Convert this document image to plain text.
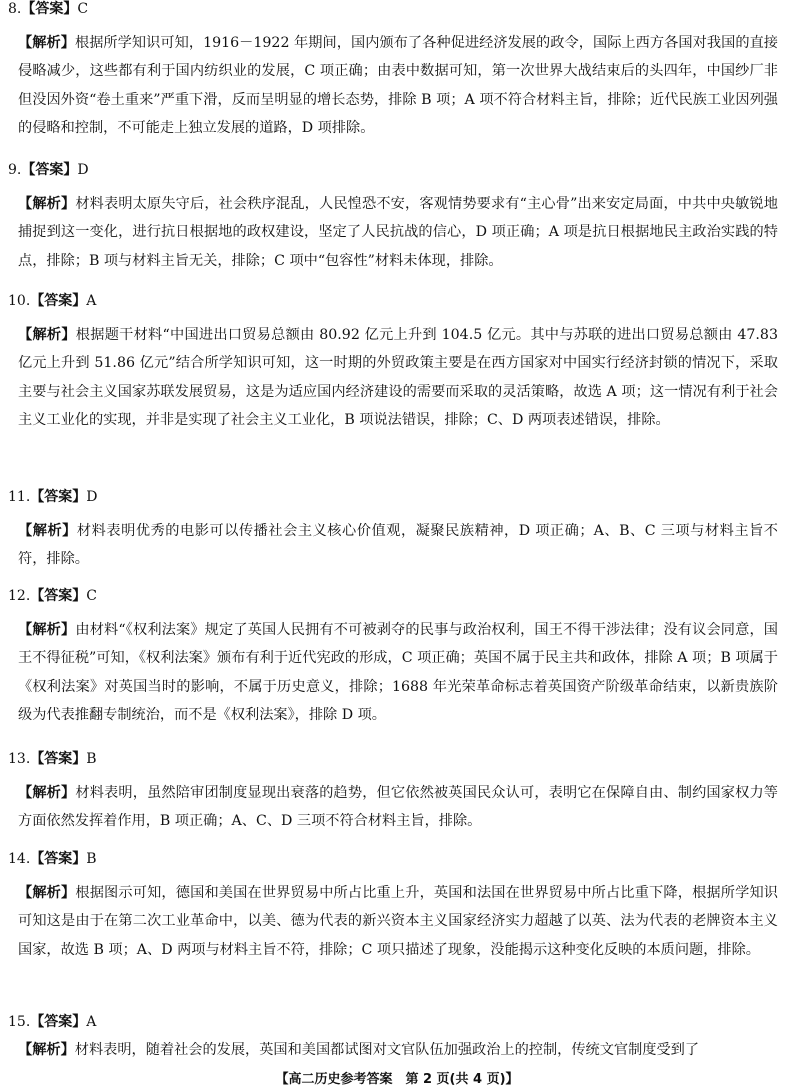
8.【答案】C
【解析】根据所学知识可知，1916－1922 年期间，国内颁布了各种促进经济发展的政令，国际上西方各国对我国的直接侵略减少，这些都有利于国内纺织业的发展，C 项正确；由表中数据可知，第一次世界大战结束后的头四年，中国纱厂非但没因外资“卷土重来”严重下滑，反而呈明显的增长态势，排除 B 项；A 项不符合材料主旨，排除；近代民族工业因列强的侵略和控制，不可能走上独立发展的道路，D 项排除。
9.【答案】D
【解析】材料表明太原失守后，社会秩序混乱，人民惶恐不安，客观情势要求有“主心骨”出来安定局面，中共中央敏锐地捕捉到这一变化，进行抗日根据地的政权建设，坚定了人民抗战的信心，D 项正确；A 项是抗日根据地民主政治实践的特点，排除；B 项与材料主旨无关，排除；C 项中“包容性”材料未体现，排除。
10.【答案】A
【解析】根据题干材料“中国进出口贸易总额由 80.92 亿元上升到 104.5 亿元。其中与苏联的进出口贸易总额由 47.83 亿元上升到 51.86 亿元”结合所学知识可知，这一时期的外贸政策主要是在西方国家对中国实行经济封锁的情况下，采取主要与社会主义国家苏联发展贸易，这是为适应国内经济建设的需要而采取的灵活策略，故选 A 项；这一情况有利于社会主义工业化的实现，并非是实现了社会主义工业化，B 项说法错误，排除；C、D 两项表述错误，排除。
11.【答案】D
【解析】材料表明优秀的电影可以传播社会主义核心价值观，凝聚民族精神，D 项正确；A、B、C 三项与材料主旨不符，排除。
12.【答案】C
【解析】由材料“《权利法案》规定了英国人民拥有不可被剥夺的民事与政治权利，国王不得干涉法律；没有议会同意，国王不得征税”可知，《权利法案》颁布有利于近代宪政的形成，C 项正确；英国不属于民主共和政体，排除 A 项；B 项属于《权利法案》对英国当时的影响，不属于历史意义，排除；1688 年光荣革命标志着英国资产阶级革命结束，以新贵族阶级为代表推翻专制统治，而不是《权利法案》，排除 D 项。
13.【答案】B
【解析】材料表明，虽然陪审团制度显现出衰落的趋势，但它依然被英国民众认可，表明它在保障自由、制约国家权力等方面依然发挥着作用，B 项正确；A、C、D 三项不符合材料主旨，排除。
14.【答案】B
【解析】根据图示可知，德国和美国在世界贸易中所占比重上升，英国和法国在世界贸易中所占比重下降，根据所学知识可知这是由于在第二次工业革命中，以美、德为代表的新兴资本主义国家经济实力超越了以英、法为代表的老牌资本主义国家，故选 B 项；A、D 两项与材料主旨不符，排除；C 项只描述了现象，没能揭示这种变化反映的本质问题，排除。
15.【答案】A
【解析】材料表明，随着社会的发展，英国和美国都试图对文官队伍加强政治上的控制，传统文官制度受到了
【高二历史参考答案　第 2 页(共 4 页)】
